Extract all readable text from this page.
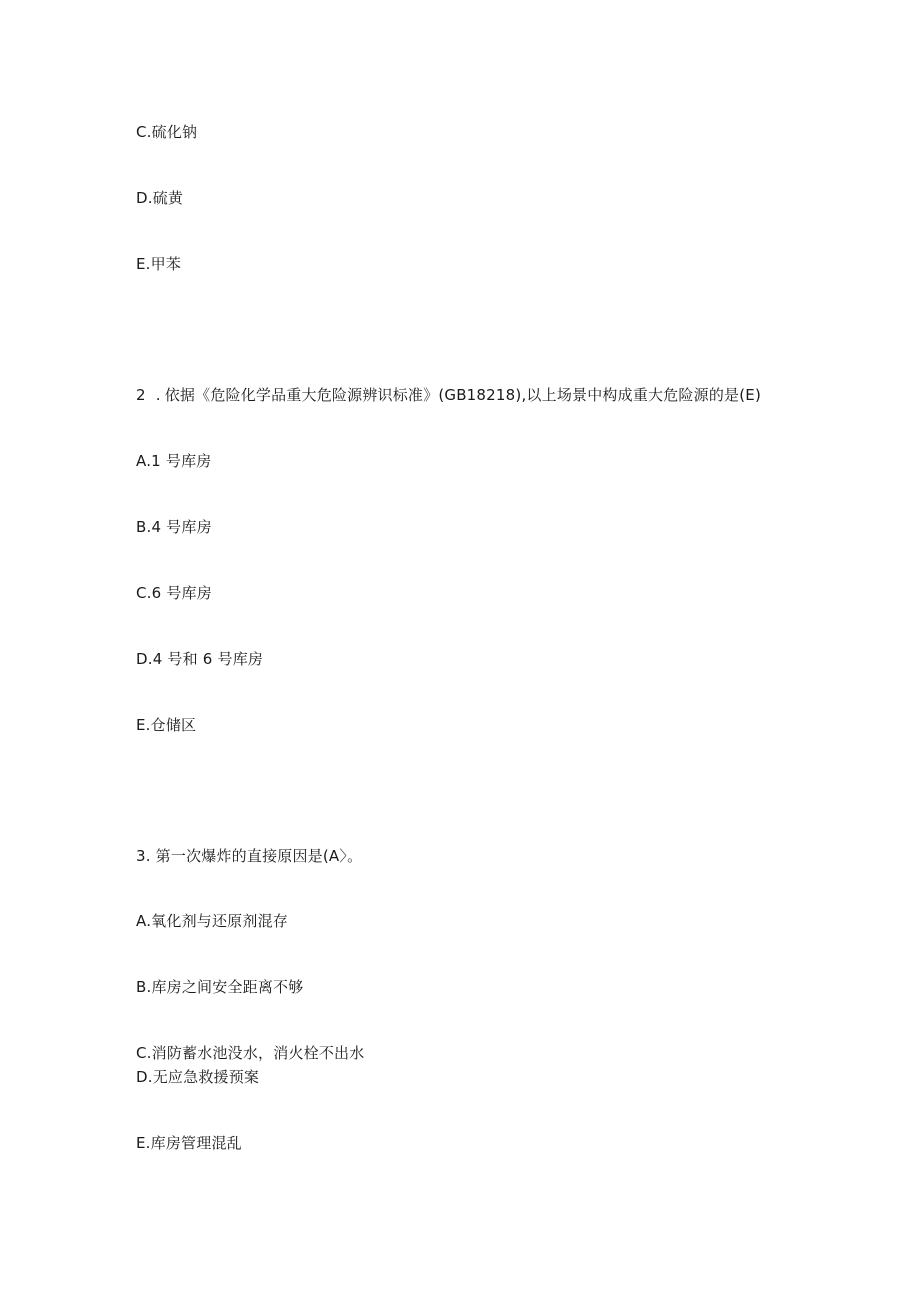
C.硫化钠
D.硫黄
E.甲苯
2 . 依据《危险化学品重大危险源辨识标准》(GB18218),以上场景中构成重大危险源的是(E)
A.1 号库房
B.4 号库房
C.6 号库房
D.4 号和 6 号库房
E.仓储区
3. 第一次爆炸的直接原因是(A〉。
A.氧化剂与还原剂混存
B.库房之间安全距离不够
C.消防蓄水池没水，消火栓不出水
D.无应急救援预案
E.库房管理混乱
